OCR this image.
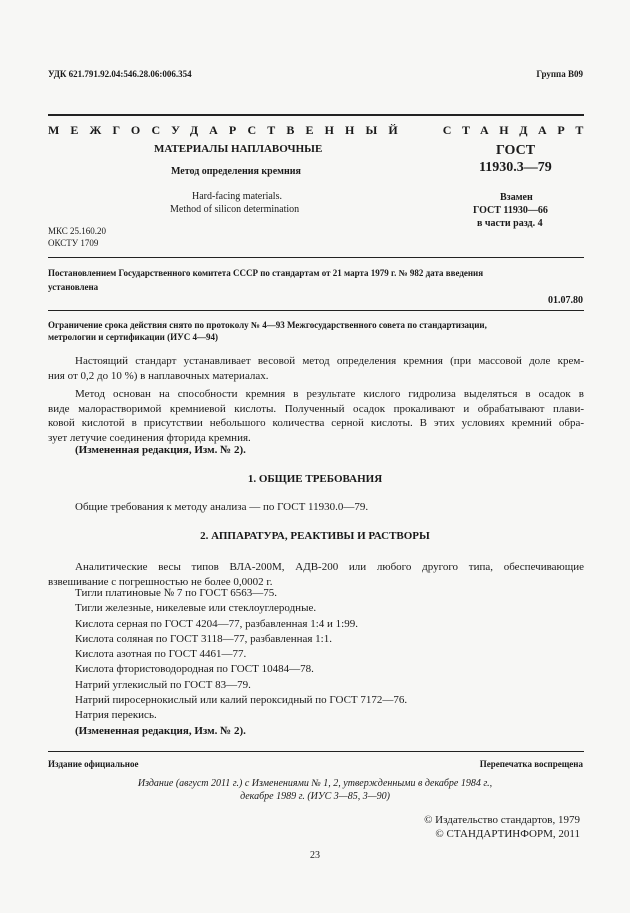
УДК 621.791.92.04:546.28.06:006.354	Группа В09

МЕЖГОСУДАРСТВЕННЫЙ	СТАНДАРТ

МАТЕРИАЛЫ НАПЛАВОЧНЫЕ
Метод определения кремния
Hard-facing materials.
Method of silicon determination
ГОСТ
11930.3—79
Взамен
ГОСТ 11930—66
в части разд. 4
МКС 25.160.20
ОКСТУ 1709
Постановлением Государственного комитета СССР по стандартам от 21 марта 1979 г. № 982 дата введения
установлена
01.07.80
Ограничение срока действия снято по протоколу № 4—93 Межгосударственного совета по стандартизации,
метрологии и сертификации (ИУС 4—94)
Настоящий стандарт устанавливает весовой метод определения кремния (при массовой доле крем-
ния от 0,2 до 10 %) в наплавочных материалах.
Метод основан на способности кремния в результате кислого гидролиза выделяться в осадок в
виде малорастворимой кремниевой кислоты. Полученный осадок прокаливают и обрабатывают плави-
ковой кислотой в присутствии небольшого количества серной кислоты. В этих условиях кремний обра-
зует летучие соединения фторида кремния.
(Измененная редакция, Изм. № 2).
1. ОБЩИЕ ТРЕБОВАНИЯ
Общие требования к методу анализа — по ГОСТ 11930.0—79.
2. АППАРАТУРА, РЕАКТИВЫ И РАСТВОРЫ
Аналитические весы типов ВЛА-200М, АДВ-200 или любого другого типа, обеспечивающие
взвешивание с погрешностью не более 0,0002 г.
Тигли платиновые № 7 по ГОСТ 6563—75.
Тигли железные, никелевые или стеклоуглеродные.
Кислота серная по ГОСТ 4204—77, разбавленная 1:4 и 1:99.
Кислота соляная по ГОСТ 3118—77, разбавленная 1:1.
Кислота азотная по ГОСТ 4461—77.
Кислота фтористоводородная по ГОСТ 10484—78.
Натрий углекислый по ГОСТ 83—79.
Натрий пиросернокислый или калий пероксидный по ГОСТ 7172—76.
Натрия перекись.
(Измененная редакция, Изм. № 2).
Издание официальное	Перепечатка воспрещена
Издание (август 2011 г.) с Изменениями № 1, 2, утвержденными в декабре 1984 г.,
декабре 1989 г. (ИУС 3—85, 3—90)
© Издательство стандартов, 1979
© СТАНДАРТИНФОРМ, 2011
23
